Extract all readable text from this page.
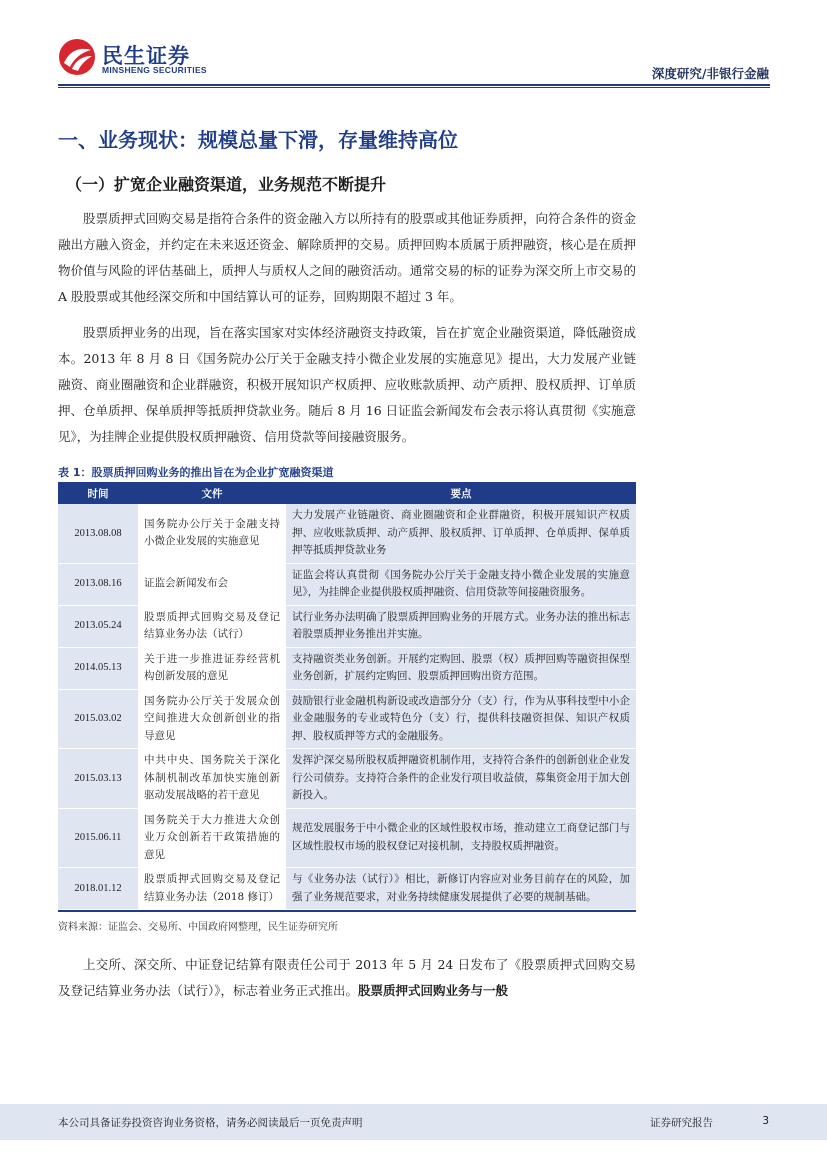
民生证券
MINSHENG SECURITIES	深度研究/非银行金融
一、业务现状：规模总量下滑，存量维持高位
（一）扩宽企业融资渠道，业务规范不断提升

股票质押式回购交易是指符合条件的资金融入方以所持有的股票或其他证券质押，向符合条件的资金融出方融入资金，并约定在未来返还资金、解除质押的交易。质押回购本质属于质押融资，核心是在质押物价值与风险的评估基础上，质押人与质权人之间的融资活动。通常交易的标的证券为深交所上市交易的 A 股股票或其他经深交所和中国结算认可的证券，回购期限不超过 3 年。

股票质押业务的出现，旨在落实国家对实体经济融资支持政策，旨在扩宽企业融资渠道，降低融资成本。2013 年 8 月 8 日《国务院办公厅关于金融支持小微企业发展的实施意见》提出，大力发展产业链融资、商业圈融资和企业群融资，积极开展知识产权质押、应收账款质押、动产质押、股权质押、订单质押、仓单质押、保单质押等抵质押贷款业务。随后 8 月 16 日证监会新闻发布会表示将认真贯彻《实施意见》，为挂牌企业提供股权质押融资、信用贷款等间接融资服务。

表 1：股票质押回购业务的推出旨在为企业扩宽融资渠道
时间	文件	要点
2013.08.08	国务院办公厅关于金融支持小微企业发展的实施意见	大力发展产业链融资、商业圈融资和企业群融资，积极开展知识产权质押、应收账款质押、动产质押、股权质押、订单质押、仓单质押、保单质押等抵质押贷款业务
2013.08.16	证监会新闻发布会	证监会将认真贯彻《国务院办公厅关于金融支持小微企业发展的实施意见》，为挂牌企业提供股权质押融资、信用贷款等间接融资服务。
2013.05.24	股票质押式回购交易及登记结算业务办法（试行）	试行业务办法明确了股票质押回购业务的开展方式。业务办法的推出标志着股票质押业务推出并实施。
2014.05.13	关于进一步推进证券经营机构创新发展的意见	支持融资类业务创新。开展约定购回、股票（权）质押回购等融资担保型业务创新，扩展约定购回、股票质押回购出资方范围。
2015.03.02	国务院办公厅关于发展众创空间推进大众创新创业的指导意见	鼓励银行业金融机构新设或改造部分分（支）行，作为从事科技型中小企业金融服务的专业或特色分（支）行，提供科技融资担保、知识产权质押、股权质押等方式的金融服务。
2015.03.13	中共中央、国务院关于深化体制机制改革加快实施创新驱动发展战略的若干意见	发挥沪深交易所股权质押融资机制作用，支持符合条件的创新创业企业发行公司债券。支持符合条件的企业发行项目收益债，募集资金用于加大创新投入。
2015.06.11	国务院关于大力推进大众创业万众创新若干政策措施的意见	规范发展服务于中小微企业的区域性股权市场，推动建立工商登记部门与区域性股权市场的股权登记对接机制，支持股权质押融资。
2018.01.12	股票质押式回购交易及登记结算业务办法（2018 修订）	与《业务办法（试行）》相比，新修订内容应对业务目前存在的风险，加强了业务规范要求，对业务持续健康发展提供了必要的规制基础。
资料来源：证监会、交易所、中国政府网整理，民生证券研究所

上交所、深交所、中证登记结算有限责任公司于 2013 年 5 月 24 日发布了《股票质押式回购交易及登记结算业务办法（试行）》，标志着业务正式推出。股票质押式回购业务与一般

本公司具备证券投资咨询业务资格，请务必阅读最后一页免责声明	证券研究报告	3
